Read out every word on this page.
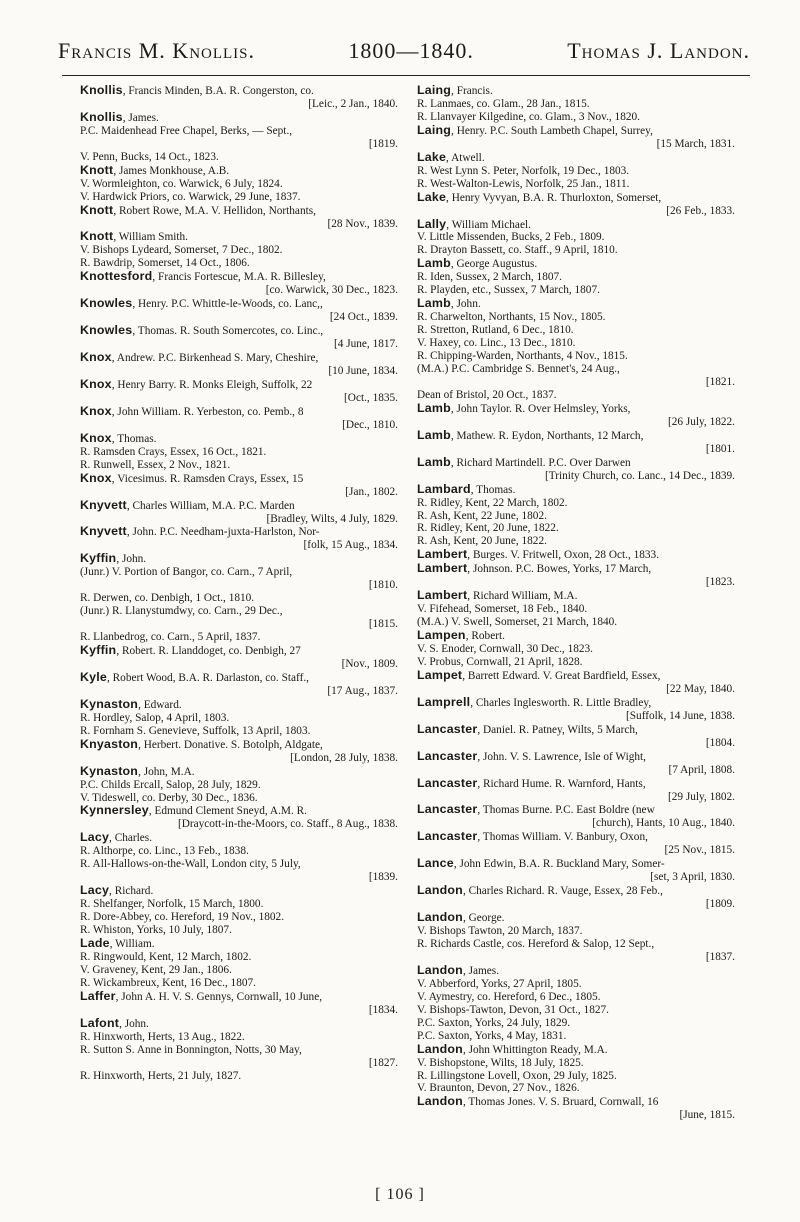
Francis M. Knollis.	1800—1840.	Thomas J. Landon.
Knollis, Francis Minden, B.A. R. Congerston, co.
[Leic., 2 Jan., 1840.
Knollis, James.
P.C. Maidenhead Free Chapel, Berks, — Sept.,
[1819.
V. Penn, Bucks, 14 Oct., 1823.
Knott, James Monkhouse, A.B.
V. Wormleighton, co. Warwick, 6 July, 1824.
V. Hardwick Priors, co. Warwick, 29 June, 1837.
Knott, Robert Rowe, M.A. V. Hellidon, Northants,
[28 Nov., 1839.
Knott, William Smith.
V. Bishops Lydeard, Somerset, 7 Dec., 1802.
R. Bawdrip, Somerset, 14 Oct., 1806.
Knottesford, Francis Fortescue, M.A. R. Billesley,
[co. Warwick, 30 Dec., 1823.
Knowles, Henry. P.C. Whittle-le-Woods, co. Lanc,,
[24 Oct., 1839.
Knowles, Thomas. R. South Somercotes, co. Linc.,
[4 June, 1817.
Knox, Andrew. P.C. Birkenhead S. Mary, Cheshire,
[10 June, 1834.
Knox, Henry Barry. R. Monks Eleigh, Suffolk, 22
[Oct., 1835.
Knox, John William. R. Yerbeston, co. Pemb., 8
[Dec., 1810.
Knox, Thomas.
R. Ramsden Crays, Essex, 16 Oct., 1821.
R. Runwell, Essex, 2 Nov., 1821.
Knox, Vicesimus. R. Ramsden Crays, Essex, 15
[Jan., 1802.
Knyvett, Charles William, M.A. P.C. Marden
[Bradley, Wilts, 4 July, 1829.
Knyvett, John. P.C. Needham-juxta-Harlston, Nor-
[folk, 15 Aug., 1834.
Kyffin, John.
(Junr.) V. Portion of Bangor, co. Carn., 7 April,
[1810.
R. Derwen, co. Denbigh, 1 Oct., 1810.
(Junr.) R. Llanystumdwy, co. Carn., 29 Dec.,
[1815.
R. Llanbedrog, co. Carn., 5 April, 1837.
Kyffin, Robert. R. Llanddoget, co. Denbigh, 27
[Nov., 1809.
Kyle, Robert Wood, B.A. R. Darlaston, co. Staff.,
[17 Aug., 1837.
Kynaston, Edward.
R. Hordley, Salop, 4 April, 1803.
R. Fornham S. Genevieve, Suffolk, 13 April, 1803.
Knyaston, Herbert. Donative. S. Botolph, Aldgate,
[London, 28 July, 1838.
Kynaston, John, M.A.
P.C. Childs Ercall, Salop, 28 July, 1829.
V. Tideswell, co. Derby, 30 Dec., 1836.
Kynnersley, Edmund Clement Sneyd, A.M. R.
[Draycott-in-the-Moors, co. Staff., 8 Aug., 1838.
Lacy, Charles.
R. Althorpe, co. Linc., 13 Feb., 1838.
R. All-Hallows-on-the-Wall, London city, 5 July,
[1839.
Lacy, Richard.
R. Shelfanger, Norfolk, 15 March, 1800.
R. Dore-Abbey, co. Hereford, 19 Nov., 1802.
R. Whiston, Yorks, 10 July, 1807.
Lade, William.
R. Ringwould, Kent, 12 March, 1802.
V. Graveney, Kent, 29 Jan., 1806.
R. Wickambreux, Kent, 16 Dec., 1807.
Laffer, John A. H. V. S. Gennys, Cornwall, 10 June,
[1834.
Lafont, John.
R. Hinxworth, Herts, 13 Aug., 1822.
R. Sutton S. Anne in Bonnington, Notts, 30 May,
[1827.
R. Hinxworth, Herts, 21 July, 1827.
Laing, Francis.
R. Lanmaes, co. Glam., 28 Jan., 1815.
R. Llanvayer Kilgedine, co. Glam., 3 Nov., 1820.
Laing, Henry. P.C. South Lambeth Chapel, Surrey,
[15 March, 1831.
Lake, Atwell.
R. West Lynn S. Peter, Norfolk, 19 Dec., 1803.
R. West-Walton-Lewis, Norfolk, 25 Jan., 1811.
Lake, Henry Vyvyan, B.A. R. Thurloxton, Somerset,
[26 Feb., 1833.
Lally, William Michael.
V. Little Missenden, Bucks, 2 Feb., 1809.
R. Drayton Bassett, co. Staff., 9 April, 1810.
Lamb, George Augustus.
R. Iden, Sussex, 2 March, 1807.
R. Playden, etc., Sussex, 7 March, 1807.
Lamb, John.
R. Charwelton, Northants, 15 Nov., 1805.
R. Stretton, Rutland, 6 Dec., 1810.
V. Haxey, co. Linc., 13 Dec., 1810.
R. Chipping-Warden, Northants, 4 Nov., 1815.
(M.A.) P.C. Cambridge S. Bennet's, 24 Aug.,
[1821.
Dean of Bristol, 20 Oct., 1837.
Lamb, John Taylor. R. Over Helmsley, Yorks,
[26 July, 1822.
Lamb, Mathew. R. Eydon, Northants, 12 March,
[1801.
Lamb, Richard Martindell. P.C. Over Darwen
[Trinity Church, co. Lanc., 14 Dec., 1839.
Lambard, Thomas.
R. Ridley, Kent, 22 March, 1802.
R. Ash, Kent, 22 June, 1802.
R. Ridley, Kent, 20 June, 1822.
R. Ash, Kent, 20 June, 1822.
Lambert, Burges. V. Fritwell, Oxon, 28 Oct., 1833.
Lambert, Johnson. P.C. Bowes, Yorks, 17 March,
[1823.
Lambert, Richard William, M.A.
V. Fifehead, Somerset, 18 Feb., 1840.
(M.A.) V. Swell, Somerset, 21 March, 1840.
Lampen, Robert.
V. S. Enoder, Cornwall, 30 Dec., 1823.
V. Probus, Cornwall, 21 April, 1828.
Lampet, Barrett Edward. V. Great Bardfield, Essex,
[22 May, 1840.
Lamprell, Charles Inglesworth. R. Little Bradley,
[Suffolk, 14 June, 1838.
Lancaster, Daniel. R. Patney, Wilts, 5 March,
[1804.
Lancaster, John. V. S. Lawrence, Isle of Wight,
[7 April, 1808.
Lancaster, Richard Hume. R. Warnford, Hants,
[29 July, 1802.
Lancaster, Thomas Burne. P.C. East Boldre (new
[church), Hants, 10 Aug., 1840.
Lancaster, Thomas William. V. Banbury, Oxon,
[25 Nov., 1815.
Lance, John Edwin, B.A. R. Buckland Mary, Somer-
[set, 3 April, 1830.
Landon, Charles Richard. R. Vauge, Essex, 28 Feb.,
[1809.
Landon, George.
V. Bishops Tawton, 20 March, 1837.
R. Richards Castle, cos. Hereford & Salop, 12 Sept.,
[1837.
Landon, James.
V. Abberford, Yorks, 27 April, 1805.
V. Aymestry, co. Hereford, 6 Dec., 1805.
V. Bishops-Tawton, Devon, 31 Oct., 1827.
P.C. Saxton, Yorks, 24 July, 1829.
P.C. Saxton, Yorks, 4 May, 1831.
Landon, John Whittington Ready, M.A.
V. Bishopstone, Wilts, 18 July, 1825.
R. Lillingstone Lovell, Oxon, 29 July, 1825.
V. Braunton, Devon, 27 Nov., 1826.
Landon, Thomas Jones. V. S. Bruard, Cornwall, 16
[June, 1815.
[ 106 ]
